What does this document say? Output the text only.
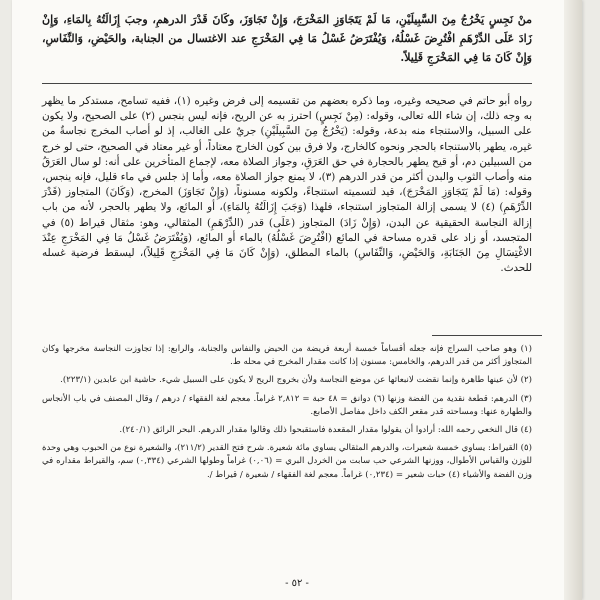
منْ نَجِسٍ يَخْرُجُ مِنَ السَّبِيلَيْنِ، مَا لَمْ يَتَجَاوَزِ المَخْرَجَ، وَإِنْ تَجَاوَزَ، وكَانَ قَدْرَ الدرهمِ، وجبَ إِزَالَتُهُ بِالمَاءِ، وَإِنْ زَادَ عَلَى الدِّرْهَمِ افْتُرِضَ غَسْلُهُ، وَيُفْتَرَضُ غَسْلُ مَا فِي المَخْرَجِ عند الاغتسال من الجنابة، والحَيْضِ، وَالنِّفَاسِ، وَإِنْ كَانَ مَا فِي المَخْرَجِ قَلِيلاً.
رواه أبو حاتم في صحيحه وغيره، وما ذكره بعضهم من تقسيمه إلى فرض وغيره (١)، ففيه تسامح، مستدكر ما يظهر به وجه ذلك، إن شاء الله تعالى، وقوله: (مِنْ نَجِسٍ) احترز به عن الريح، فإنه ليس بنجس (٢) على الصحيح، ولا يكون على السبيل، والاستنجاء منه بدعة، وقوله: (يَخْرُجُ مِنَ السَّبِيلَيْنِ) جريٌ على الغالب، إذ لو أصاب المخرج نجاسةٌ من غيره، يطهر بالاستنجاء بالحجر ونحوه كالخارج، ولا فرق بين كون الخارج معتاداً، أو غير معتاد في الصحيح، حتى لو خرج من السبيلين دم، أو قيح يطهر بالحجارة في حق العَرَقِ، وجواز الصلاة معه، لإجماع المتأخرين على أنه: لو سال العَرَقُ منه وأصاب الثوب والبدن أكثر من قدر الدرهم (٣)، لا يمنع جواز الصلاة معه، وأما إذ جلس في ماء قليل، فإنه ينجس، وقوله: (مَا لَمْ يَتَجَاوَزِ المَخْرَجَ)، قيد لتسميته استنجاءً، ولكونه مسنوناً، (وَإِنْ تَجَاوَزَ) المخرج، (وَكَانَ) المتجاوز (قَدْرَ الدِّرْهَمِ) (٤) لا يسمى إزالة المتجاوز استنجاء، فلهذا (وَجَبَ إِزَالَتُهُ بِالمَاءِ)، أو المائع، ولا يطهر بالحجر، لأنه من باب إزالة النجاسة الحقيقية عن البدن، (وَإِنْ زَادَ) المتجاوز (عَلَى) قدر (الدِّرْهَمِ) المثقالي، وهو: مثقال قيراط (٥) في المتجسد، أو زاد على قدره مساحة في المائع (افْتُرِضَ غَسْلُهُ) بالماء أو المائع، (وَيُفْتَرَضُ غَسْلُ مَا فِي المَخْرَجِ عِنْدَ الاغْتِسَالِ مِنَ الجَنَابَةِ، وَالحَيْضِ، وَالنِّفَاسِ) بالماء المطلق، (وَإِنْ كَانَ مَا فِي المَخْرَجِ قَلِيلاً)، ليسقط فرضية غسله للحدث.

(١) وهو صاحب السراج فإنه جعله أقساماً خمسة أربعة فريضة من الحيض والنفاس والجنابة، والرابع: إذا تجاوزت النجاسة مخرجها وكان المتجاوز أكثر من قدر الدرهم، والخامس: مسنون إذا كانت مقدار المخرج في محله ط.

(٢) لأن عينها طاهرة وإنما نقضت لانبعاثها عن موضع النجاسة ولأن بخروج الريح لا يكون على السبيل شيء. حاشية ابن عابدين (٢٢٣/١).

(٣) الدرهم: قطعة نقدية من الفضة وزنها (٦) دوانق = ٤٨ حبة = ٢,٨١٢ غراماً. معجم لغة الفقهاء / درهم / وقال المصنف في باب الأنجاس والطهارة عنها: ومساحته قدر مقعر الكف داخل مفاصل الأصابع.

(٤) قال النخعي رحمه الله: أرادوا أن يقولوا مقدار المقعدة فاستقبحوا ذلك وقالوا مقدار الدرهم. البحر الرائق (٢٤٠/١).

(٥) القيراط: يساوي خمسة شعيرات، والدرهم المثقالي يساوي مائة شعيرة. شرح فتح القدير (٢١١/٢)، والشعيرة نوع من الحبوب وهي وحدة للوزن والقياس الأطوال، ووزنها الشرعي حب سابت من الخردل البري = (٠,٠٦) غراماً وطولها الشرعي (٠,٣٣٤) سم، والقيراط مقداره في وزن الفضة والأشياء (٤) حبات شعير = (٠,٢٣٤) غراماً. معجم لغة الفقهاء / شعيرة / قيراط /.

- ٥٢ -
